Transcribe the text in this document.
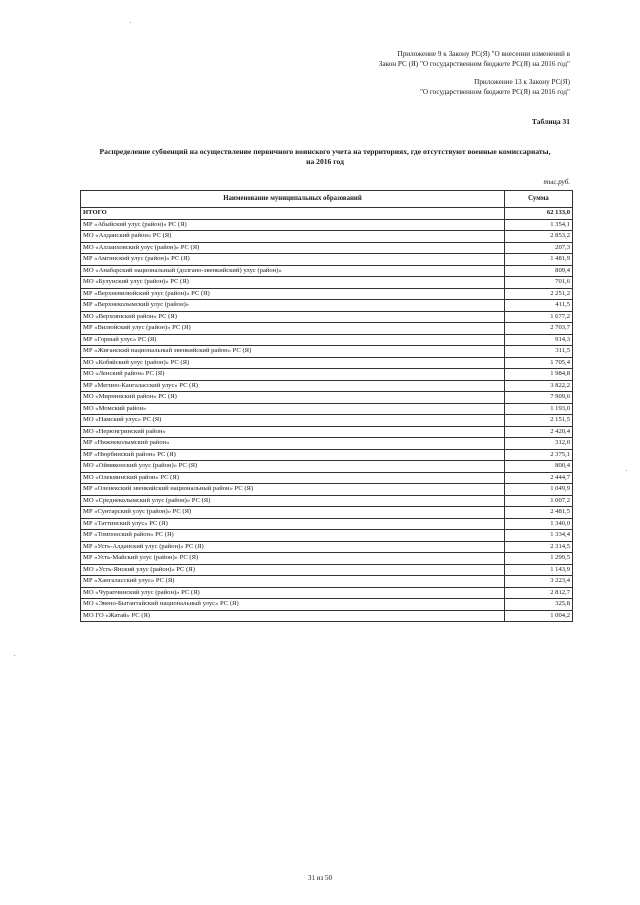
Приложение 9 к Закону РС(Я) "О внесении изменений в
Закон РС (Я) "О государственном бюджете РС(Я) на 2016 год"
Приложение 13 к Закону РС(Я)
"О государственном бюджете РС(Я) на 2016 год"
Таблица 31
Распределение субвенций на осуществление первичного воинского учета на территориях, где отсутствуют военные комиссариаты,
на 2016 год
тыс.руб.
Наименование муниципальных образований	Сумма
ИТОГО	62 133,0
МР «Абыйский улус (район)» РС (Я)	1 354,1
МО «Алданский район» РС (Я)	2 853,2
МО «Аллаиховский улус (район)» РС (Я)	207,3
МР «Амгинский улус (район)» РС (Я)	1 481,9
МО «Анабарский национальный (долгано-эвенкийский) улус (район)»	809,4
МО «Булунский улус (район)» РС (Я)	701,6
МР «Верхневилюйский улус (район)» РС (Я)	2 251,2
МР «Верхнеколымский улус (район)»	411,5
МО «Верхоянский район» РС (Я)	1 677,2
МР «Вилюйский улус (район)» РС (Я)	2 703,7
МР «Горный улус» РС (Я)	914,3
МР «Жиганский национальный эвенкийский район» РС (Я)	311,5
МО «Кобяйский улус (район)» РС (Я)	1 705,4
МО «Ленский район» РС (Я)	1 984,8
МР «Мегино-Кангаласский улус» РС (Я)	3 822,2
МО «Мирнинский район» РС (Я)	7 909,6
МО «Момский район»	1 193,0
МО «Намский улус» РС (Я)	2 151,5
МО «Нерюнгринский район»	2 420,4
МР «Нижнеколымский район»	312,0
МР «Нюрбинский район» РС (Я)	2 375,1
МО «Оймяконский улус (район)» РС (Я)	800,4
МО «Олекминский район» РС (Я)	2 444,7
МР «Оленекский эвенкийский национальный район» РС (Я)	1 049,9
МО «Среднеколымский улус (район)» РС (Я)	1 007,2
МР «Сунтарский улус (район)» РС (Я)	2 481,5
МР «Таттинский улус» РС (Я)	1 340,0
МР «Томпонский район» РС (Я)	1 334,4
МР «Усть-Алданский улус (район)» РС (Я)	2 314,5
МР «Усть-Майский улус (район)» РС (Я)	1 299,5
МО «Усть-Янский улус (район)» РС (Я)	1 143,9
МР «Хангаласский улус» РС (Я)	3 223,4
МО «Чурапчинский улус (район)» РС (Я)	2 812,7
МО «Эвено-Бытантайский национальный улус» РС (Я)	325,8
МО ГО «Жатай» РС (Я)	1 004,2
31 из 50
